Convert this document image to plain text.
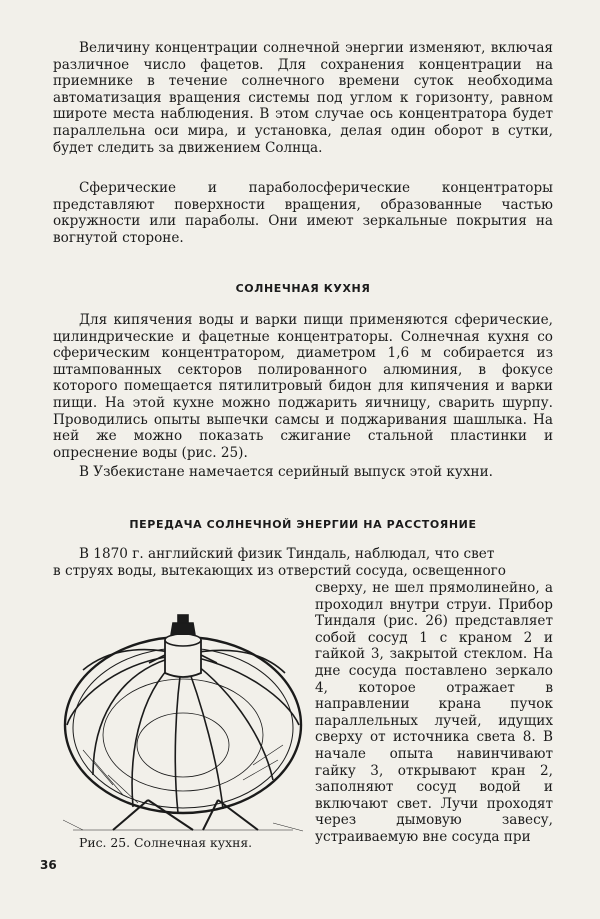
Величину концентрации солнечной энергии изменяют, включая различное число фацетов. Для сохранения концентрации на приемнике в течение солнечного времени суток необходима автоматизация вращения системы под углом к горизонту, равном широте места наблюдения. В этом случае ось концентратора будет параллельна оси мира, и установка, делая один оборот в сутки, будет следить за движением Солнца.

Сферические и параболосферические концентраторы представляют поверхности вращения, образованные частью окружности или параболы. Они имеют зеркальные покрытия на вогнутой стороне.

СОЛНЕЧНАЯ КУХНЯ

Для кипячения воды и варки пищи применяются сферические, цилиндрические и фацетные концентраторы. Солнечная кухня со сферическим концентратором, диаметром 1,6 м собирается из штампованных секторов полированного алюминия, в фокусе которого помещается пятилитровый бидон для кипячения и варки пищи. На этой кухне можно поджарить яичницу, сварить шурпу. Проводились опыты выпечки самсы и поджаривания шашлыка. На ней же можно показать сжигание стальной пластинки и опреснение воды (рис. 25).

В Узбекистане намечается серийный выпуск этой кухни.

ПЕРЕДАЧА СОЛНЕЧНОЙ ЭНЕРГИИ НА РАССТОЯНИЕ

В 1870 г. английский физик Тиндаль, наблюдал, что свет

в струях воды, вытекающих из отверстий сосуда, освещенного

Рис. 25. Солнечная кухня.
сверху, не шел прямолинейно, а проходил внутри струи. Прибор Тиндаля (рис. 26) представляет собой сосуд 1 с краном 2 и гайкой 3, закрытой стеклом. На дне сосуда поставлено зеркало 4, которое отражает в направлении крана пучок параллельных лучей, идущих сверху от источника света 8. В начале опыта навинчивают гайку 3, открывают кран 2, заполняют сосуд водой и включают свет. Лучи проходят через дымовую завесу, устраиваемую вне сосуда при
36
